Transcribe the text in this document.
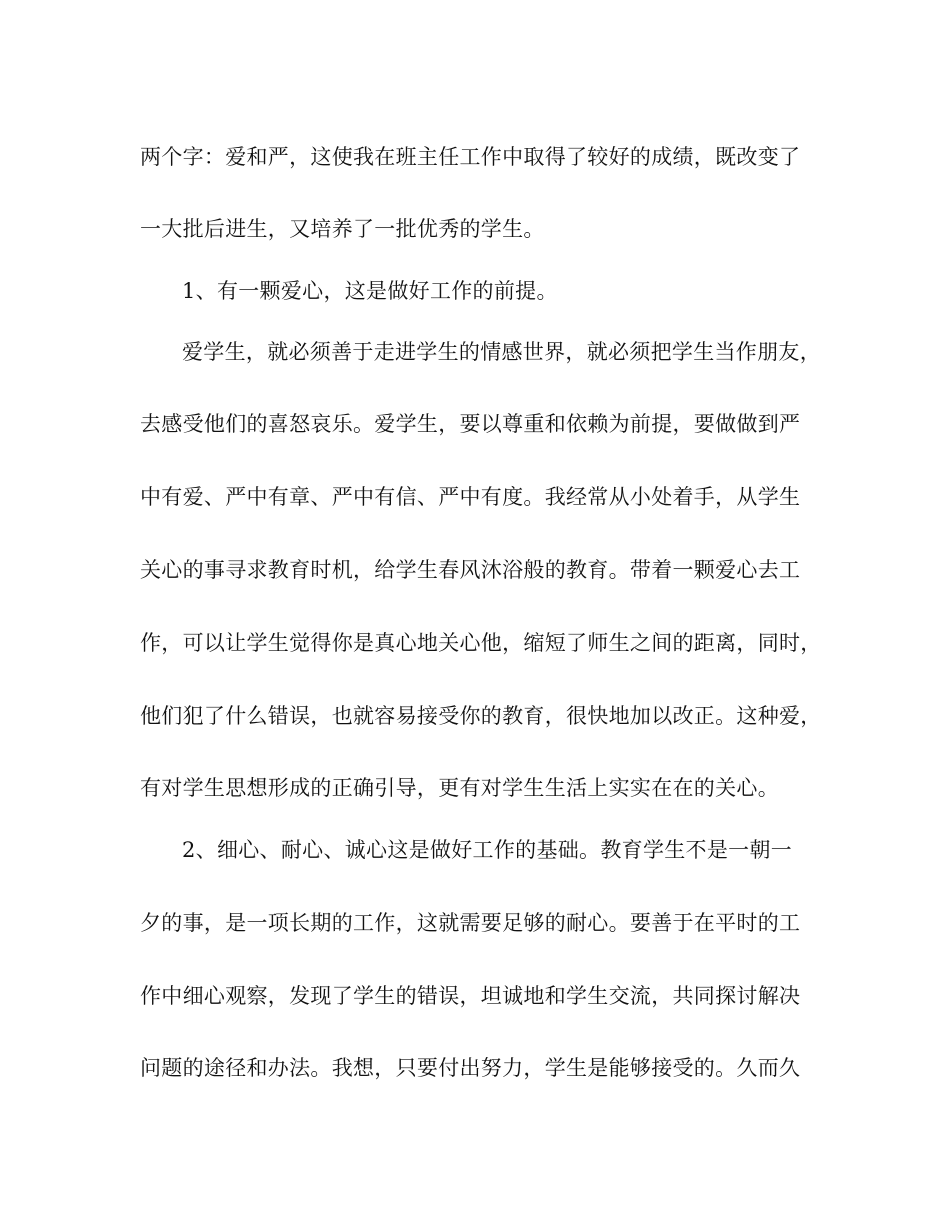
两个字：爱和严，这使我在班主任工作中取得了较好的成绩，既改变了
一大批后进生，又培养了一批优秀的学生。
1、有一颗爱心，这是做好工作的前提。
爱学生，就必须善于走进学生的情感世界，就必须把学生当作朋友，
去感受他们的喜怒哀乐。爱学生，要以尊重和依赖为前提，要做做到严
中有爱、严中有章、严中有信、严中有度。我经常从小处着手，从学生
关心的事寻求教育时机，给学生春风沐浴般的教育。带着一颗爱心去工
作，可以让学生觉得你是真心地关心他，缩短了师生之间的距离，同时，
他们犯了什么错误，也就容易接受你的教育，很快地加以改正。这种爱，
有对学生思想形成的正确引导，更有对学生生活上实实在在的关心。
2、细心、耐心、诚心这是做好工作的基础。教育学生不是一朝一
夕的事，是一项长期的工作，这就需要足够的耐心。要善于在平时的工
作中细心观察，发现了学生的错误，坦诚地和学生交流，共同探讨解决
问题的途径和办法。我想，只要付出努力，学生是能够接受的。久而久
